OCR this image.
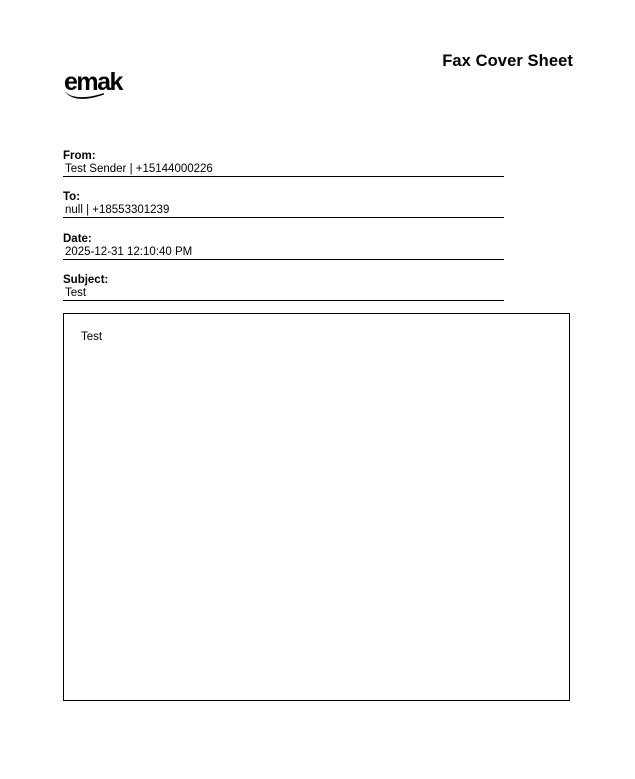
Fax Cover Sheet
emak
From:
Test Sender | +15144000226
To:
null | +18553301239
Date:
2025-12-31 12:10:40 PM
Subject:
Test
Test
